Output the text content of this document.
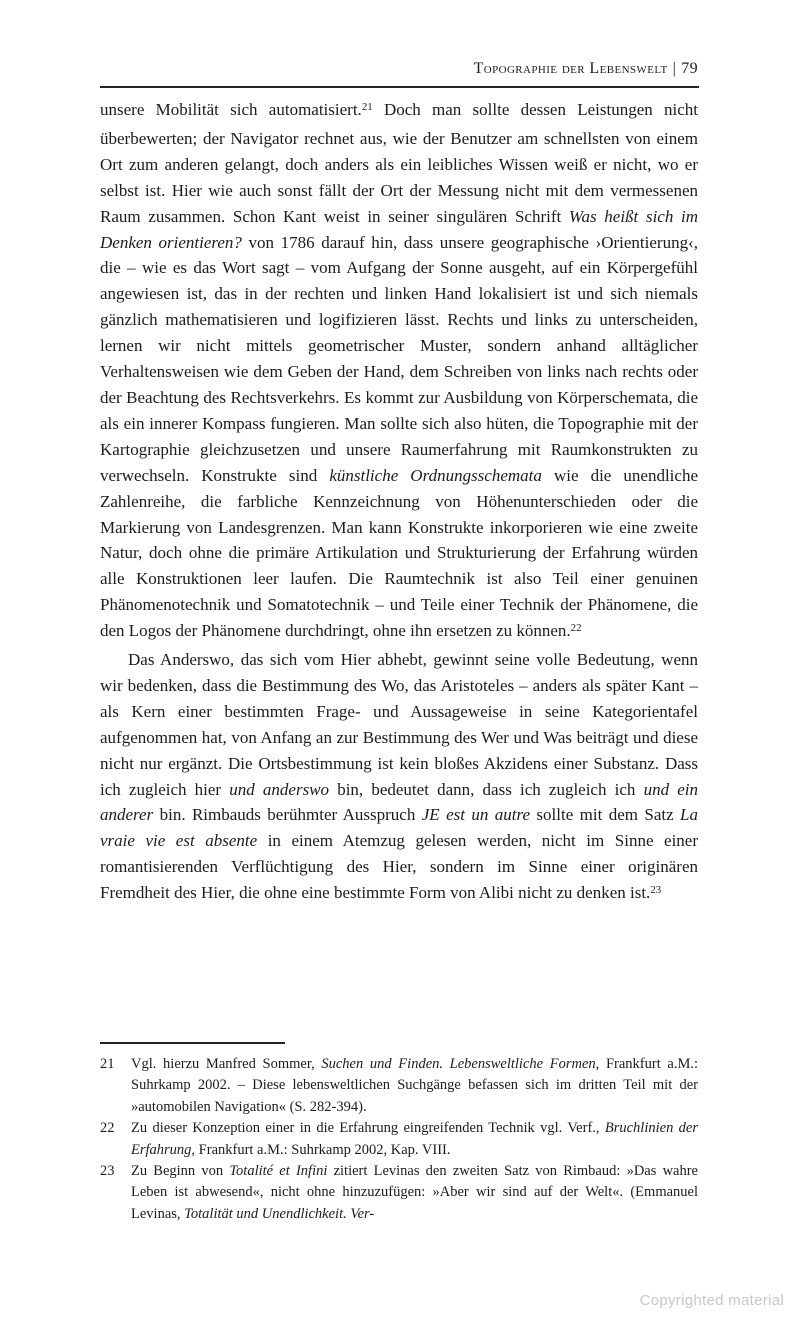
Topographie der Lebenswelt | 79

unsere Mobilität sich automatisiert.$^{21}$ Doch man sollte dessen Leistungen nicht überbewerten; der Navigator rechnet aus, wie der Benutzer am schnellsten von einem Ort zum anderen gelangt, doch anders als ein leibliches Wissen weiß er nicht, wo er selbst ist. Hier wie auch sonst fällt der Ort der Messung nicht mit dem vermessenen Raum zusammen. Schon Kant weist in seiner singulären Schrift Was heißt sich im Denken orientieren? von 1786 darauf hin, dass unsere geographische ›Orientierung‹, die – wie es das Wort sagt – vom Aufgang der Sonne ausgeht, auf ein Körpergefühl angewiesen ist, das in der rechten und linken Hand lokalisiert ist und sich niemals gänzlich mathematisieren und logifizieren lässt. Rechts und links zu unterscheiden, lernen wir nicht mittels geometrischer Muster, sondern anhand alltäglicher Verhaltensweisen wie dem Geben der Hand, dem Schreiben von links nach rechts oder der Beachtung des Rechtsverkehrs. Es kommt zur Ausbildung von Körperschemata, die als ein innerer Kompass fungieren. Man sollte sich also hüten, die Topographie mit der Kartographie gleichzusetzen und unsere Raumerfahrung mit Raumkonstrukten zu verwechseln. Konstrukte sind künstliche Ordnungsschemata wie die unendliche Zahlenreihe, die farbliche Kennzeichnung von Höhenunterschieden oder die Markierung von Landesgrenzen. Man kann Konstrukte inkorporieren wie eine zweite Natur, doch ohne die primäre Artikulation und Strukturierung der Erfahrung würden alle Konstruktionen leer laufen. Die Raumtechnik ist also Teil einer genuinen Phänomenotechnik und Somatotechnik – und Teile einer Technik der Phänomene, die den Logos der Phänomene durchdringt, ohne ihn ersetzen zu können.$^{22}$

Das Anderswo, das sich vom Hier abhebt, gewinnt seine volle Bedeutung, wenn wir bedenken, dass die Bestimmung des Wo, das Aristoteles – anders als später Kant – als Kern einer bestimmten Frage- und Aussageweise in seine Kategorientafel aufgenommen hat, von Anfang an zur Bestimmung des Wer und Was beiträgt und diese nicht nur ergänzt. Die Ortsbestimmung ist kein bloßes Akzidens einer Substanz. Dass ich zugleich hier und anderswo bin, bedeutet dann, dass ich zugleich ich und ein anderer bin. Rimbauds berühmter Ausspruch JE est un autre sollte mit dem Satz La vraie vie est absente in einem Atemzug gelesen werden, nicht im Sinne einer romantisierenden Verflüchtigung des Hier, sondern im Sinne einer originären Fremdheit des Hier, die ohne eine bestimmte Form von Alibi nicht zu denken ist.$^{23}$

21	Vgl. hierzu Manfred Sommer, Suchen und Finden. Lebensweltliche Formen, Frankfurt a.M.: Suhrkamp 2002. – Diese lebensweltlichen Suchgänge befassen sich im dritten Teil mit der »automobilen Navigation« (S. 282-394).
22	Zu dieser Konzeption einer in die Erfahrung eingreifenden Technik vgl. Verf., Bruchlinien der Erfahrung, Frankfurt a.M.: Suhrkamp 2002, Kap. VIII.
23	Zu Beginn von Totalité et Infini zitiert Levinas den zweiten Satz von Rimbaud: »Das wahre Leben ist abwesend«, nicht ohne hinzuzufügen: »Aber wir sind auf der Welt«. (Emmanuel Levinas, Totalität und Unendlichkeit. Ver-
Copyrighted material
